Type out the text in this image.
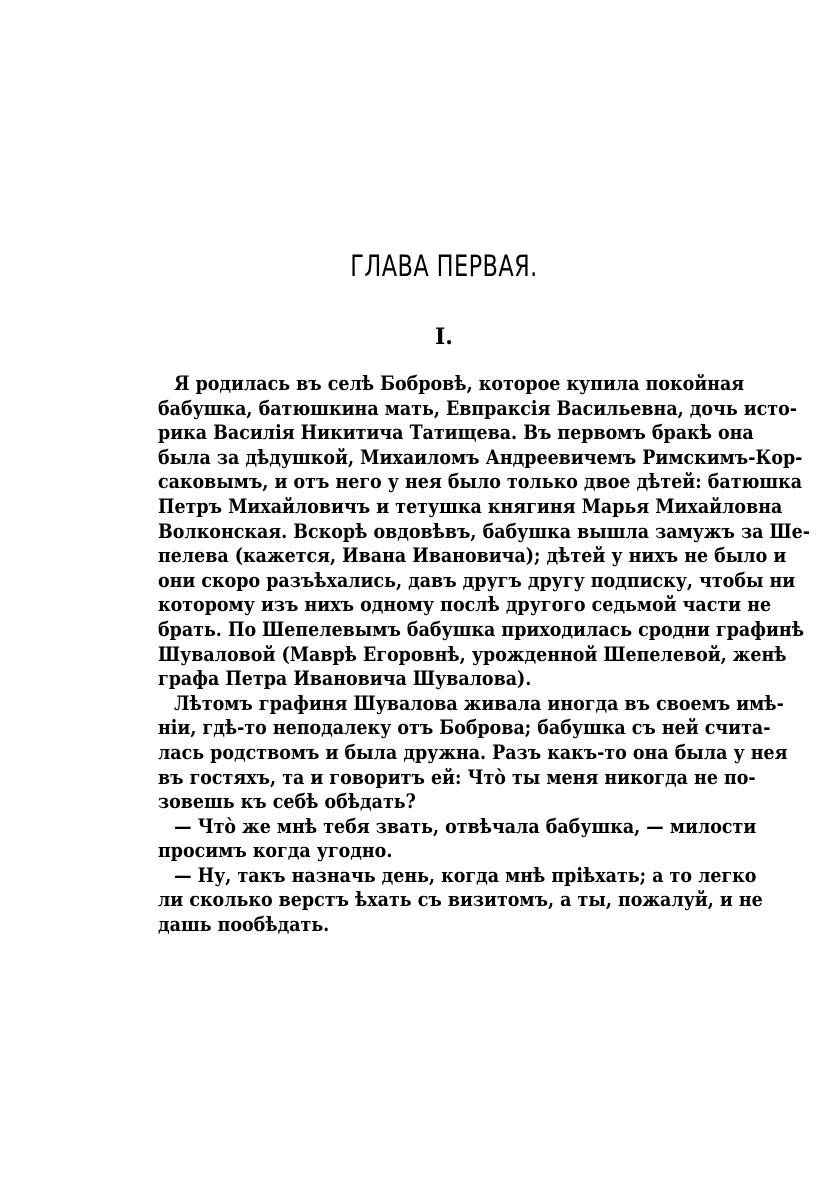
ГЛАВА ПЕРВАЯ.
I.

Я родилась въ селѣ Бобровѣ, которое купила покойная
бабушка, батюшкина мать, Евпраксія Васильевна, дочь исто-
рика Василія Никитича Татищева. Въ первомъ бракѣ она
была за дѣдушкой, Михаиломъ Андреевичемъ Римскимъ-Кор-
саковымъ, и отъ него у нея было только двое дѣтей: батюшка
Петръ Михайловичъ и тетушка княгиня Марья Михайловна
Волконская. Вскорѣ овдовѣвъ, бабушка вышла замужъ за Ше-
пелева (кажется, Ивана Ивановича); дѣтей у нихъ не было и
они скоро разъѣхались, давъ другъ другу подписку, чтобы ни
которому изъ нихъ одному послѣ другого седьмой части не
брать. По Шепелевымъ бабушка приходилась сродни графинѣ
Шуваловой (Маврѣ Егоровнѣ, урожденной Шепелевой, женѣ
графа Петра Ивановича Шувалова).

Лѣтомъ графиня Шувалова живала иногда въ своемъ имѣ-
ніи, гдѣ-то неподалеку отъ Боброва; бабушка съ ней счита-
лась родствомъ и была дружна. Разъ какъ-то она была у нея
въ гостяхъ, та и говоритъ ей: Чтò ты меня никогда не по-
зовешь къ себѣ обѣдать?

— Чтò же мнѣ тебя звать, отвѣчала бабушка, — милости
просимъ когда угодно.

— Ну, такъ назначь день, когда мнѣ пріѣхать; а то легко
ли сколько верстъ ѣхать съ визитомъ, а ты, пожалуй, и не
дашь пообѣдать.
